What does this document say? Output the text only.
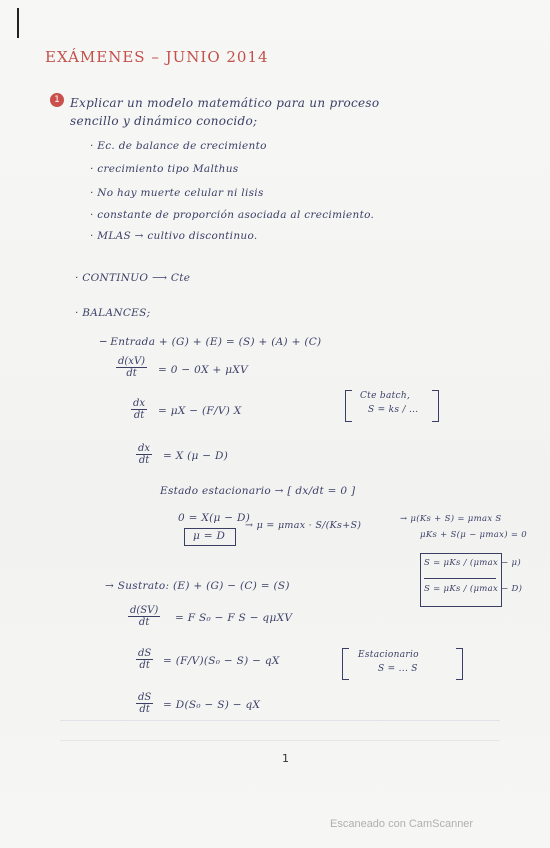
EXÁMENES – JUNIO 2014
1 Explicar un modelo matemático para un proceso
sencillo y dinámico conocido;
· Ec. de balance de crecimiento
· crecimiento tipo Malthus
· No hay muerte celular ni lisis
· constante de proporción asociada al crecimiento.
· MLAS → cultivo discontinuo.
· CONTINUO ⟶ Cte
· BALANCES;
─ Entrada + (G) + (E) = (S) + (A) + (C)
$\frac{d(xV)}{dt} = 0 - 0X + \mu XV$
$\frac{dx}{dt} = \mu X - (F/V)$ X
Cte batch,
S = ks / ...
$\frac{dx}{dt} = X$ (μ − D)
Estado estacionario → [ dx/dt = 0 ]
0 = X(μ − D)
μ = D
→ μ = μmax · S/(Ks+S)
→ μ(Ks + S) = μmax S
μKs + S(μ − μmax) = 0
S = μKs / (μmax − μ)
S = μKs / (μmax − D)
→ Sustrato: (E) + (G) − (C) = (S)
$\frac{d(SV)}{dt} = F$ S₀ − F S − qμXV
$\frac{dS}{dt} = (F/V)(S_0 - S)$ − qX	Estacionario
S = ... S
$\frac{dS}{dt} = D(S_0 - S)$ − qX
1
Escaneado con CamScanner
